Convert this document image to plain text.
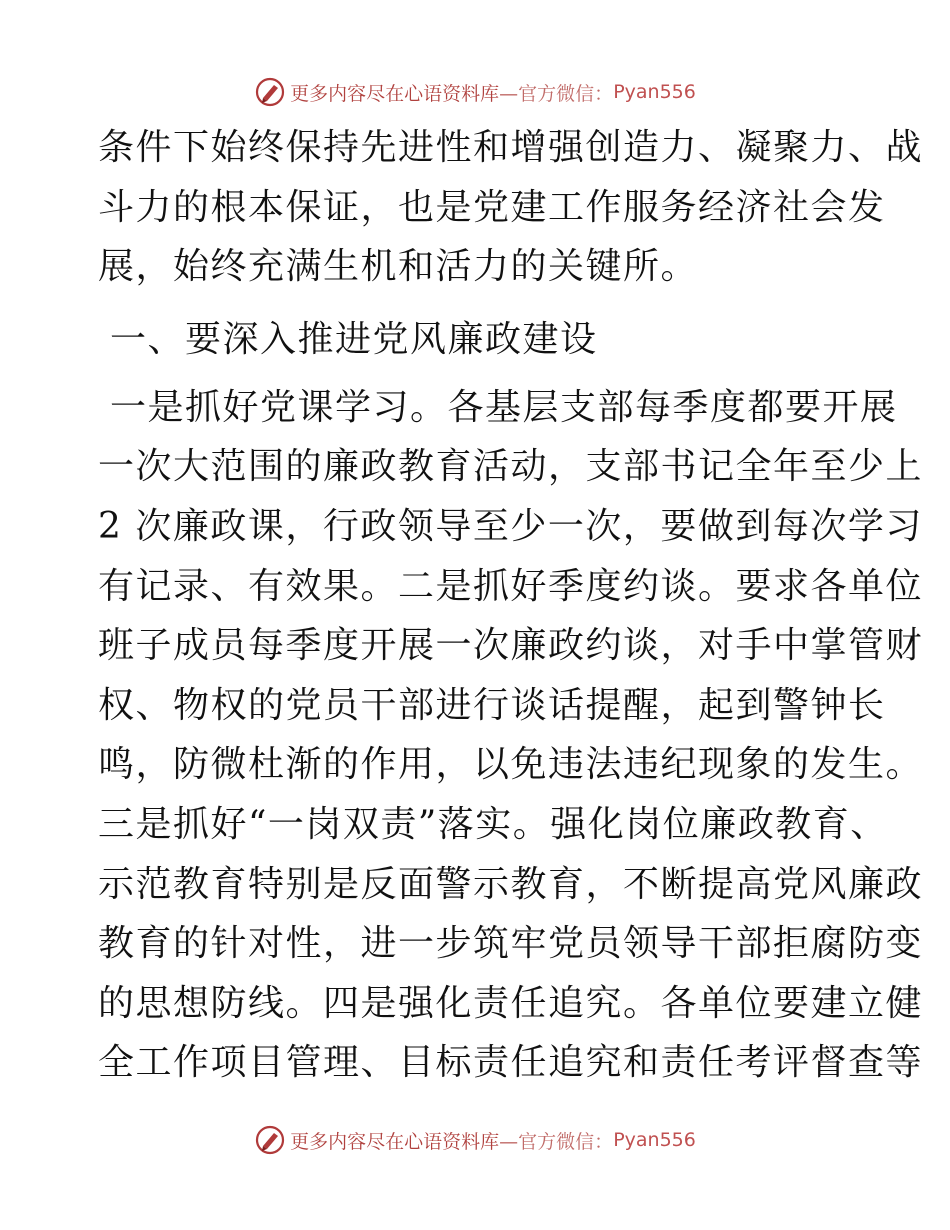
更多内容尽在心语资料库 —官方微信： Pyan556
条件下始终保持先进性和增强创造力、凝聚力、战
斗力的根本保证，也是党建工作服务经济社会发
展，始终充满生机和活力的关键所。
一、要深入推进党风廉政建设
一是抓好党课学习。各基层支部每季度都要开展
一次大范围的廉政教育活动，支部书记全年至少上
2 次廉政课，行政领导至少一次，要做到每次学习
有记录、有效果。二是抓好季度约谈。要求各单位
班子成员每季度开展一次廉政约谈，对手中掌管财
权、物权的党员干部进行谈话提醒，起到警钟长
鸣，防微杜渐的作用，以免违法违纪现象的发生。
三是抓好“一岗双责”落实。强化岗位廉政教育、
示范教育特别是反面警示教育，不断提高党风廉政
教育的针对性，进一步筑牢党员领导干部拒腐防变
的思想防线。四是强化责任追究。各单位要建立健
全工作项目管理、目标责任追究和责任考评督查等
更多内容尽在心语资料库 —官方微信： Pyan556
